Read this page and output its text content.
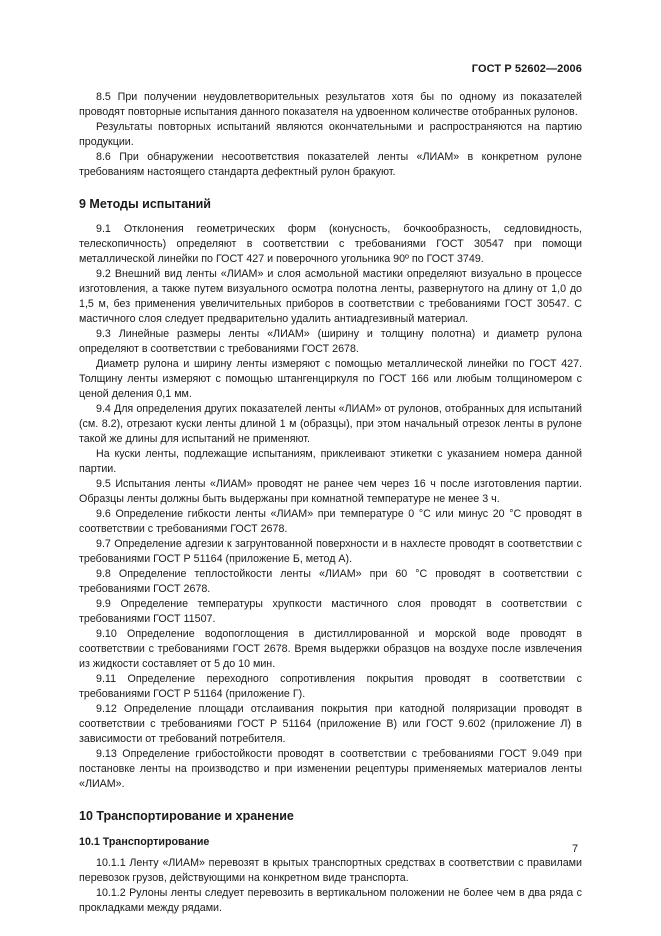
ГОСТ Р 52602—2006

8.5 При получении неудовлетворительных результатов хотя бы по одному из показателей проводят повторные испытания данного показателя на удвоенном количестве отобранных рулонов.

Результаты повторных испытаний являются окончательными и распространяются на партию продукции.

8.6 При обнаружении несоответствия показателей ленты «ЛИАМ» в конкретном рулоне требованиям настоящего стандарта дефектный рулон бракуют.

9 Методы испытаний

9.1 Отклонения геометрических форм (конусность, бочкообразность, седловидность, телескопичность) определяют в соответствии с требованиями ГОСТ 30547 при помощи металлической линейки по ГОСТ 427 и поверочного угольника 90º по ГОСТ 3749.

9.2 Внешний вид ленты «ЛИАМ» и слоя асмольной мастики определяют визуально в процессе изготовления, а также путем визуального осмотра полотна ленты, развернутого на длину от 1,0 до 1,5 м, без применения увеличительных приборов в соответствии с требованиями ГОСТ 30547. С мастичного слоя следует предварительно удалить антиадгезивный материал.

9.3 Линейные размеры ленты «ЛИАМ» (ширину и толщину полотна) и диаметр рулона определяют в соответствии с требованиями ГОСТ 2678.

Диаметр рулона и ширину ленты измеряют с помощью металлической линейки по ГОСТ 427. Толщину ленты измеряют с помощью штангенциркуля по ГОСТ 166 или любым толщиномером с ценой деления 0,1 мм.

9.4 Для определения других показателей ленты «ЛИАМ» от рулонов, отобранных для испытаний (см. 8.2), отрезают куски ленты длиной 1 м (образцы), при этом начальный отрезок ленты в рулоне такой же длины для испытаний не применяют.

На куски ленты, подлежащие испытаниям, приклеивают этикетки с указанием номера данной партии.

9.5 Испытания ленты «ЛИАМ» проводят не ранее чем через 16 ч после изготовления партии. Образцы ленты должны быть выдержаны при комнатной температуре не менее 3 ч.

9.6 Определение гибкости ленты «ЛИАМ» при температуре 0 °С или минус 20 °С проводят в соответствии с требованиями ГОСТ 2678.

9.7 Определение адгезии к загрунтованной поверхности и в нахлесте проводят в соответствии с требованиями ГОСТ Р 51164 (приложение Б, метод А).

9.8 Определение теплостойкости ленты «ЛИАМ» при 60 °С проводят в соответствии с требованиями ГОСТ 2678.

9.9 Определение температуры хрупкости мастичного слоя проводят в соответствии с требованиями ГОСТ 11507.

9.10 Определение водопоглощения в дистиллированной и морской воде проводят в соответствии с требованиями ГОСТ 2678. Время выдержки образцов на воздухе после извлечения из жидкости составляет от 5 до 10 мин.

9.11 Определение переходного сопротивления покрытия проводят в соответствии с требованиями ГОСТ Р 51164 (приложение Г).

9.12 Определение площади отслаивания покрытия при катодной поляризации проводят в соответствии с требованиями ГОСТ Р 51164 (приложение В) или ГОСТ 9.602 (приложение Л) в зависимости от требований потребителя.

9.13 Определение грибостойкости проводят в соответствии с требованиями ГОСТ 9.049 при постановке ленты на производство и при изменении рецептуры применяемых материалов ленты «ЛИАМ».

10 Транспортирование и хранение
10.1 Транспортирование

10.1.1 Ленту «ЛИАМ» перевозят в крытых транспортных средствах в соответствии с правилами перевозок грузов, действующими на конкретном виде транспорта.

10.1.2 Рулоны ленты следует перевозить в вертикальном положении не более чем в два ряда с прокладками между рядами.

7
